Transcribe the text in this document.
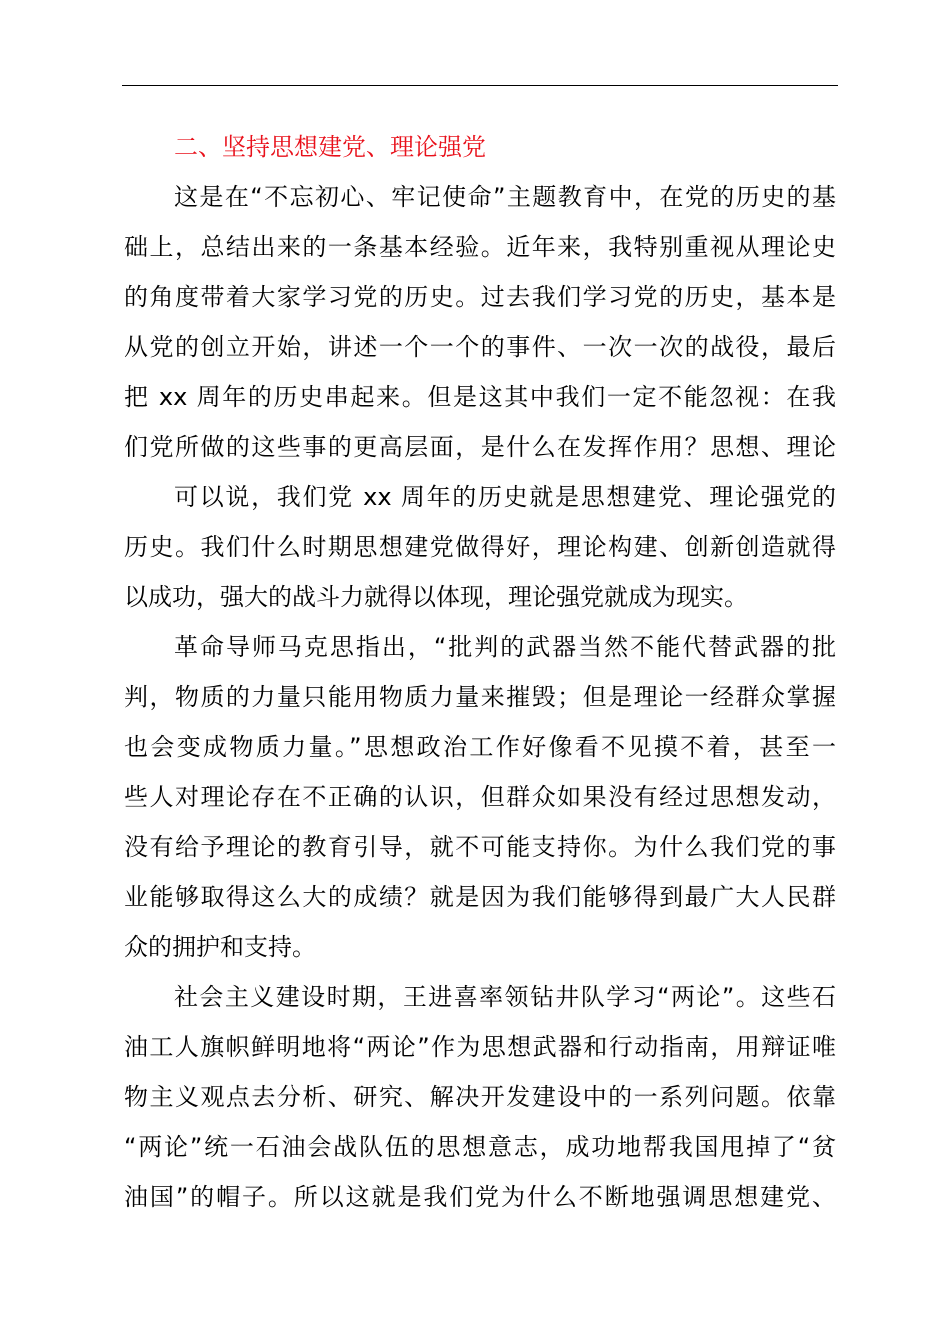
二、坚持思想建党、理论强党
这是在“不忘初心、牢记使命”主题教育中，在党的历史的基
础上，总结出来的一条基本经验。近年来，我特别重视从理论史
的角度带着大家学习党的历史。过去我们学习党的历史，基本是
从党的创立开始，讲述一个一个的事件、一次一次的战役，最后
把 xx 周年的历史串起来。但是这其中我们一定不能忽视：在我
们党所做的这些事的更高层面，是什么在发挥作用？思想、理论
可以说，我们党 xx 周年的历史就是思想建党、理论强党的
历史。我们什么时期思想建党做得好，理论构建、创新创造就得
以成功，强大的战斗力就得以体现，理论强党就成为现实。
革命导师马克思指出，“批判的武器当然不能代替武器的批
判，物质的力量只能用物质力量来摧毁；但是理论一经群众掌握
也会变成物质力量。”思想政治工作好像看不见摸不着，甚至一
些人对理论存在不正确的认识，但群众如果没有经过思想发动，
没有给予理论的教育引导，就不可能支持你。为什么我们党的事
业能够取得这么大的成绩？就是因为我们能够得到最广大人民群
众的拥护和支持。
社会主义建设时期，王进喜率领钻井队学习“两论”。这些石
油工人旗帜鲜明地将“两论”作为思想武器和行动指南，用辩证唯
物主义观点去分析、研究、解决开发建设中的一系列问题。依靠
“两论”统一石油会战队伍的思想意志，成功地帮我国甩掉了“贫
油国”的帽子。所以这就是我们党为什么不断地强调思想建党、
